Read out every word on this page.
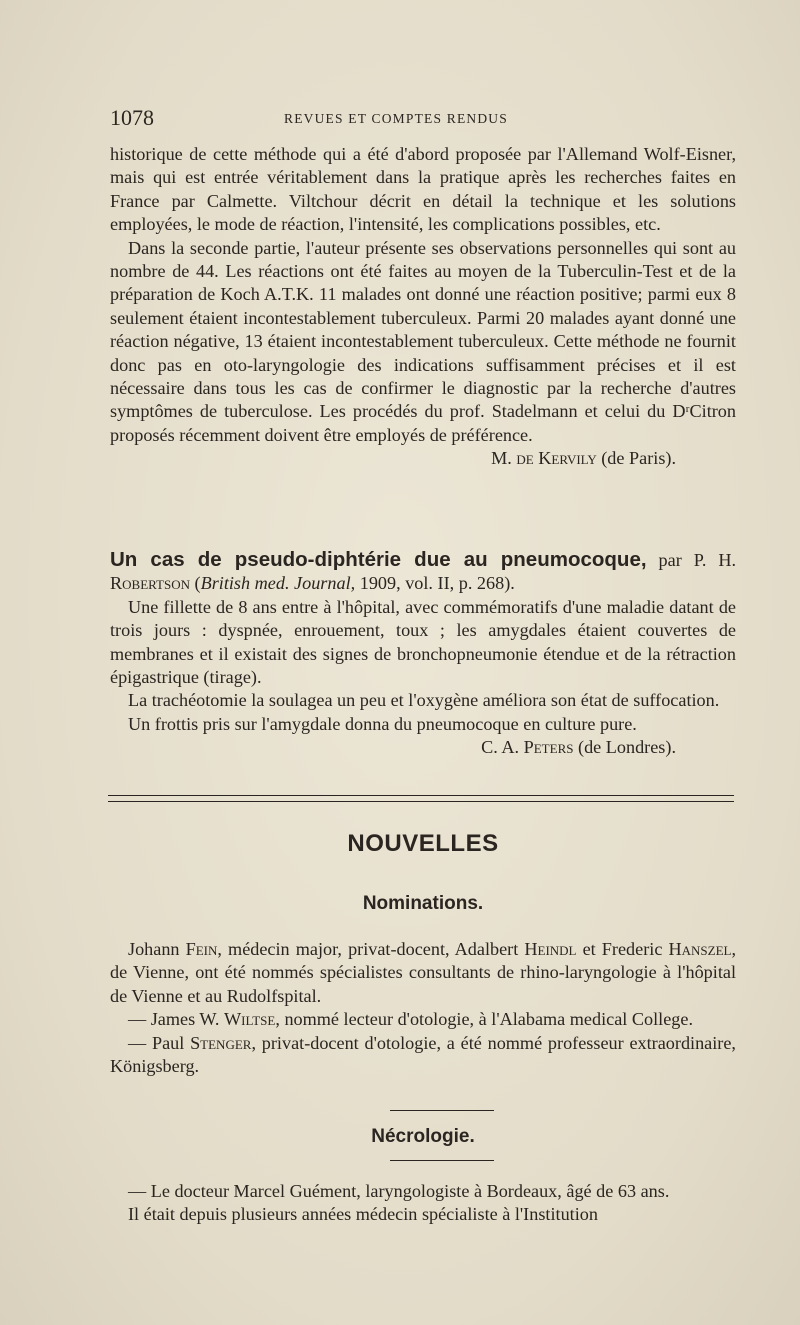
1078	REVUES ET COMPTES RENDUS

historique de cette méthode qui a été d'abord proposée par l'Allemand Wolf-Eisner, mais qui est entrée véritablement dans la pratique après les recherches faites en France par Calmette. Viltchour décrit en détail la technique et les solutions employées, le mode de réaction, l'intensité, les complications possibles, etc.

Dans la seconde partie, l'auteur présente ses observations personnelles qui sont au nombre de 44. Les réactions ont été faites au moyen de la Tuberculin-Test et de la préparation de Koch A.T.K. 11 malades ont donné une réaction positive; parmi eux 8 seulement étaient incontestablement tuberculeux. Parmi 20 malades ayant donné une réaction négative, 13 étaient incontestablement tuberculeux. Cette méthode ne fournit donc pas en oto-laryngologie des indications suffisamment précises et il est nécessaire dans tous les cas de confirmer le diagnostic par la recherche d'autres symptômes de tuberculose. Les procédés du prof. Stadelmann et celui du DʳCitron proposés récemment doivent être employés de préférence.

M. de Kervily (de Paris).

Un cas de pseudo-diphtérie due au pneumocoque, par P. H. Robertson (British med. Journal, 1909, vol. II, p. 268).

Une fillette de 8 ans entre à l'hôpital, avec commémoratifs d'une maladie datant de trois jours : dyspnée, enrouement, toux ; les amygdales étaient couvertes de membranes et il existait des signes de bronchopneumonie étendue et de la rétraction épigastrique (tirage).

La trachéotomie la soulagea un peu et l'oxygène améliora son état de suffocation.

Un frottis pris sur l'amygdale donna du pneumocoque en culture pure.

C. A. Peters (de Londres).

NOUVELLES
Nominations.

Johann Fein, médecin major, privat-docent, Adalbert Heindl et Frederic Hanszel, de Vienne, ont été nommés spécialistes consultants de rhino-laryngologie à l'hôpital de Vienne et au Rudolfspital.

— James W. Wiltse, nommé lecteur d'otologie, à l'Alabama medical College.

— Paul Stenger, privat-docent d'otologie, a été nommé professeur extraordinaire, Königsberg.

Nécrologie.

— Le docteur Marcel Guément, laryngologiste à Bordeaux, âgé de 63 ans.

Il était depuis plusieurs années médecin spécialiste à l'Institution
